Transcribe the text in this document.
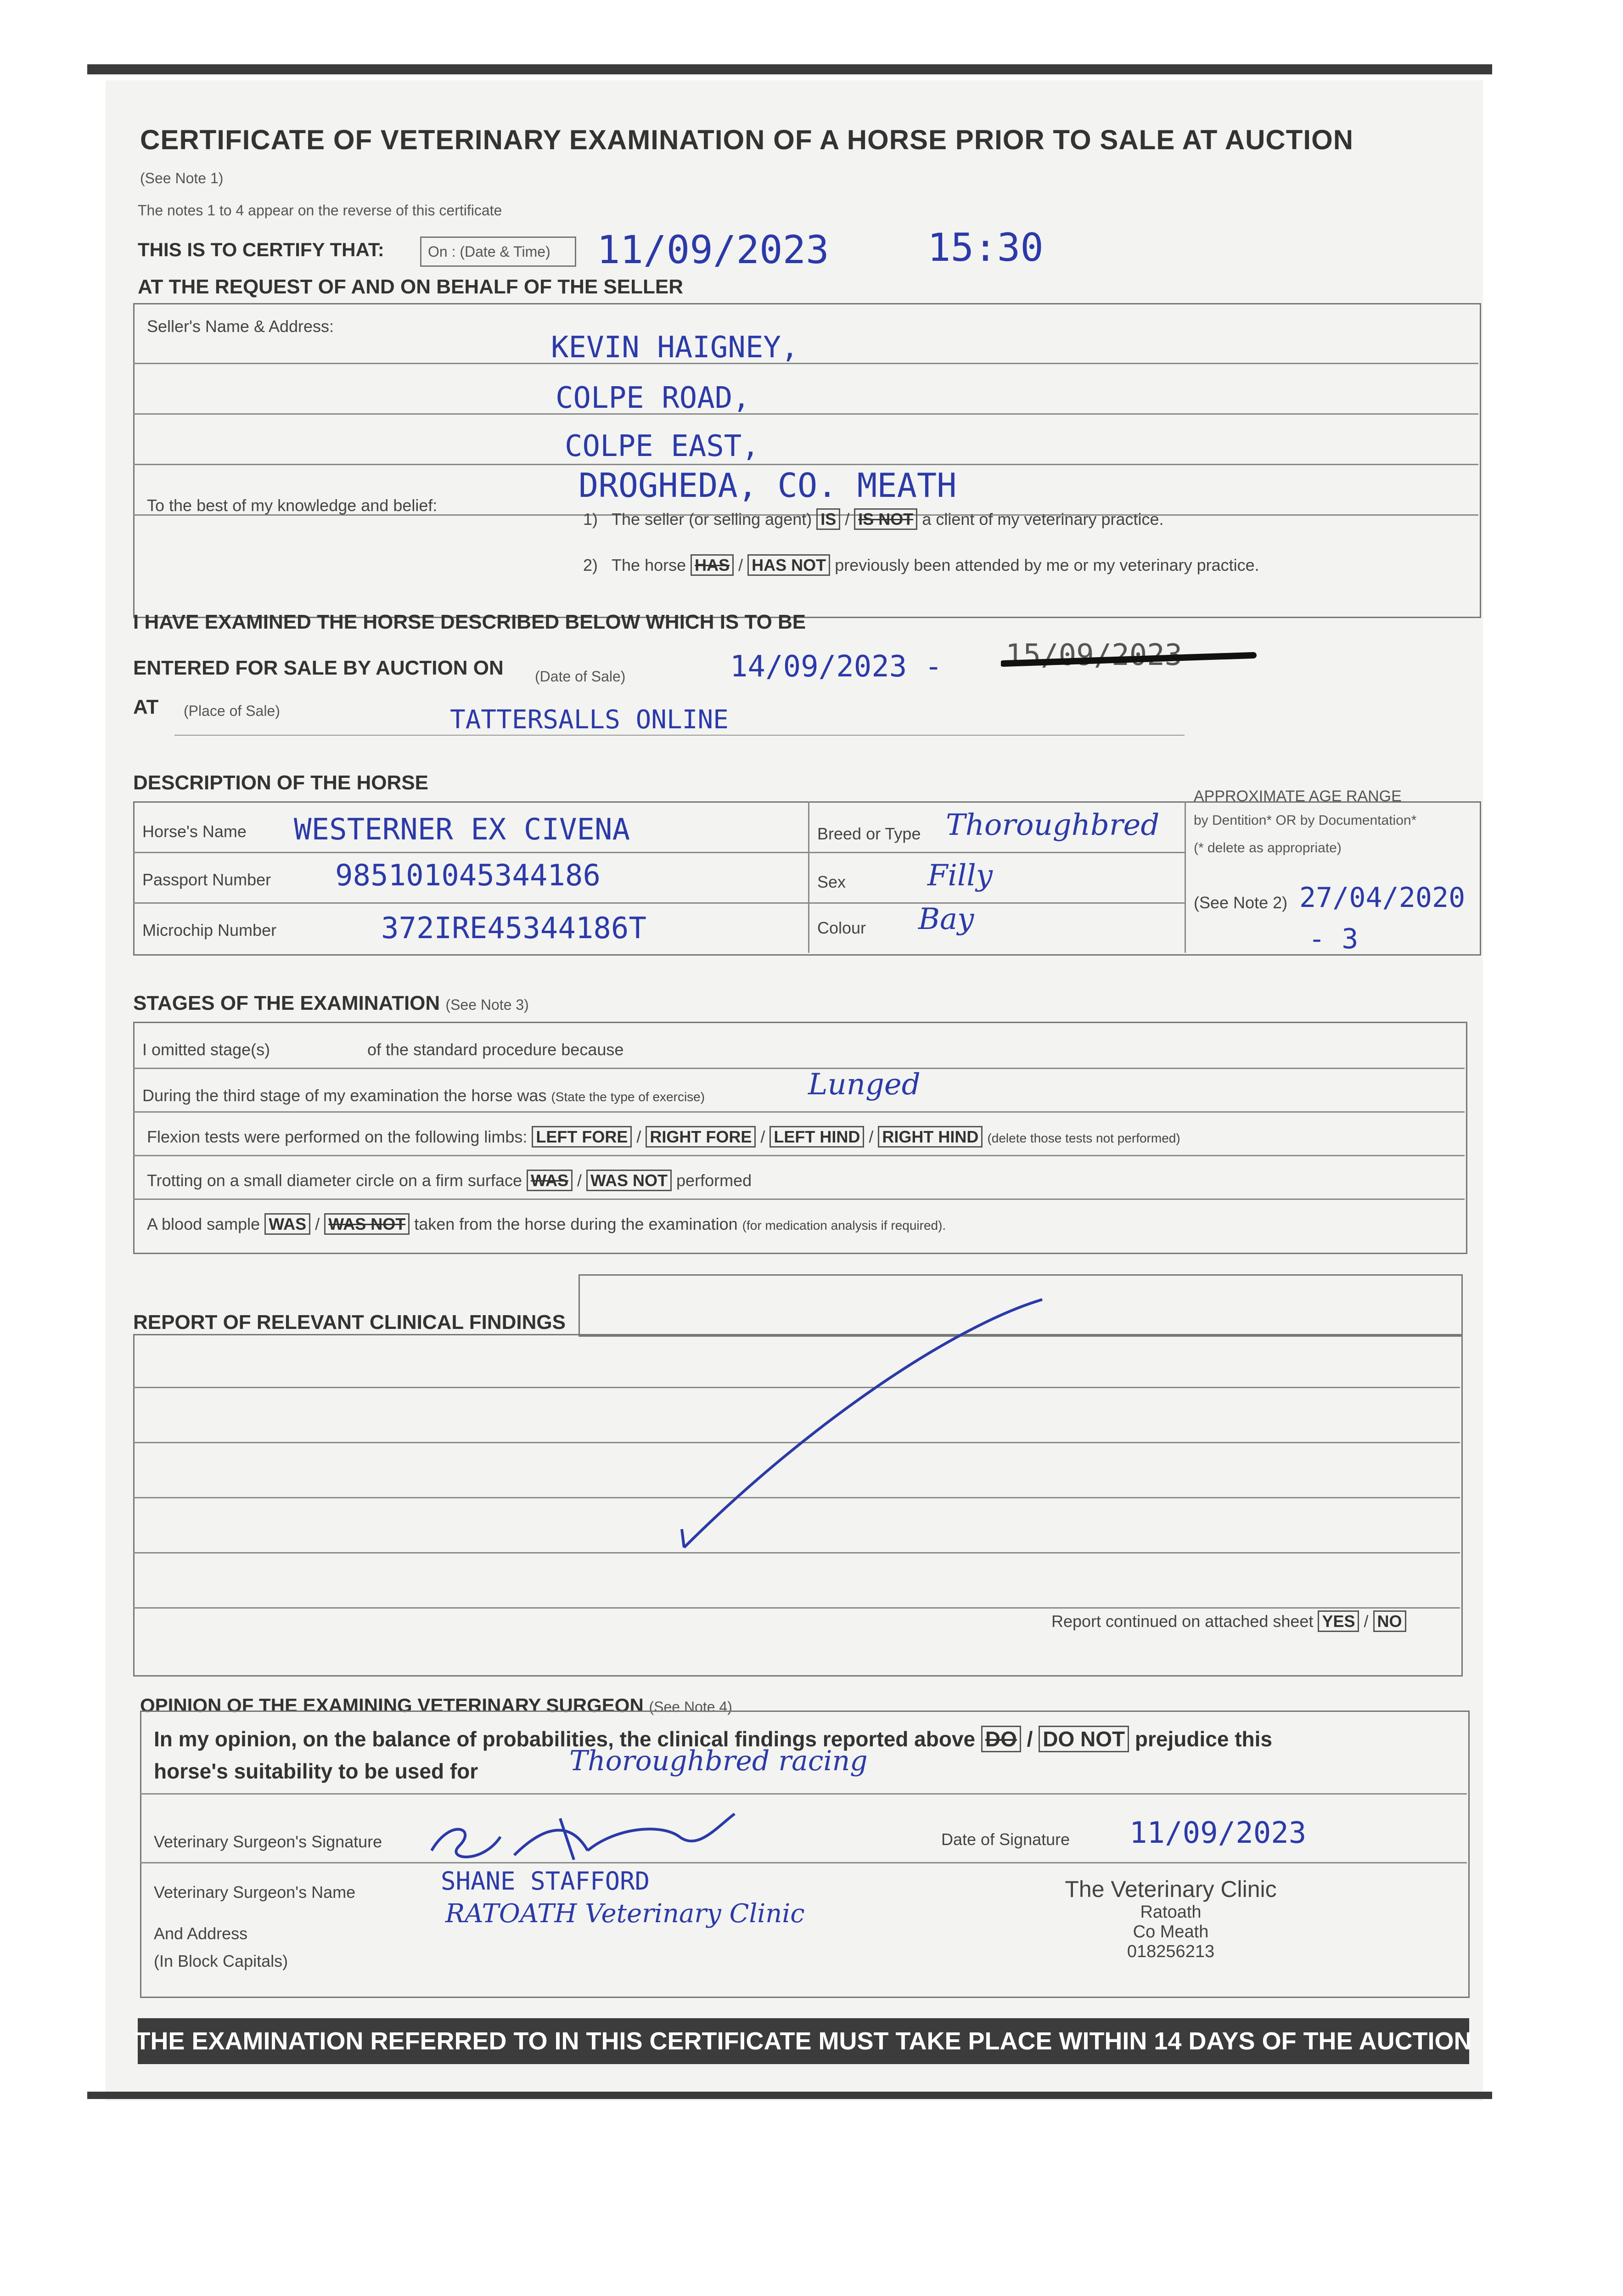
CERTIFICATE OF VETERINARY EXAMINATION OF A HORSE PRIOR TO SALE AT AUCTION
(See Note 1)
The notes 1 to 4 appear on the reverse of this certificate
THIS IS TO CERTIFY THAT:	On : (Date & Time)	11/09/2023	15:30
AT THE REQUEST OF AND ON BEHALF OF THE SELLER
Seller's Name & Address:
KEVIN HAIGNEY,
COLPE ROAD,
COLPE EAST,
DROGHEDA, CO. MEATH
To the best of my knowledge and belief:
1) The seller (or selling agent) IS / IS NOT a client of my veterinary practice.
2) The horse HAS / HAS NOT previously been attended by me or my veterinary practice.
I HAVE EXAMINED THE HORSE DESCRIBED BELOW WHICH IS TO BE
ENTERED FOR SALE BY AUCTION ON (Date of Sale)	14/09/2023 - 15/09/2023
AT (Place of Sale)	TATTERSALLS ONLINE
DESCRIPTION OF THE HORSE
Horse's Name WESTERNER EX CIVENA
Passport Number 985101045344186
Microchip Number	372IRE45344186T
Breed or Type Thoroughbred
Sex	Filly
Colour Bay
APPROXIMATE AGE RANGE
by Dentition* OR by Documentation*
(* delete as appropriate)
(See Note 2) 27/04/2020
- 3
STAGES OF THE EXAMINATION (See Note 3)
I omitted stage(s)	of the standard procedure because
During the third stage of my examination the horse was (State the type of exercise)	Lunged
Flexion tests were performed on the following limbs: LEFT FORE / RIGHT FORE / LEFT HIND / RIGHT HIND (delete those tests not performed)
Trotting on a small diameter circle on a firm surface WAS / WAS NOT performed
A blood sample WAS / WAS NOT taken from the horse during the examination (for medication analysis if required).
REPORT OF RELEVANT CLINICAL FINDINGS
Report continued on attached sheet YES / NO
OPINION OF THE EXAMINING VETERINARY SURGEON (See Note 4)
In my opinion, on the balance of probabilities, the clinical findings reported above DO / DO NOT prejudice this
horse's suitability to be used for	Thoroughbred racing
Veterinary Surgeon's Signature	Date of Signature 11/09/2023
Veterinary Surgeon's Name	SHANE STAFFORD
And Address
(In Block Capitals)
RATOATH Veterinary Clinic
The Veterinary Clinic
Ratoath
Co Meath
018256213
THE EXAMINATION REFERRED TO IN THIS CERTIFICATE MUST TAKE PLACE WITHIN 14 DAYS OF THE AUCTION
